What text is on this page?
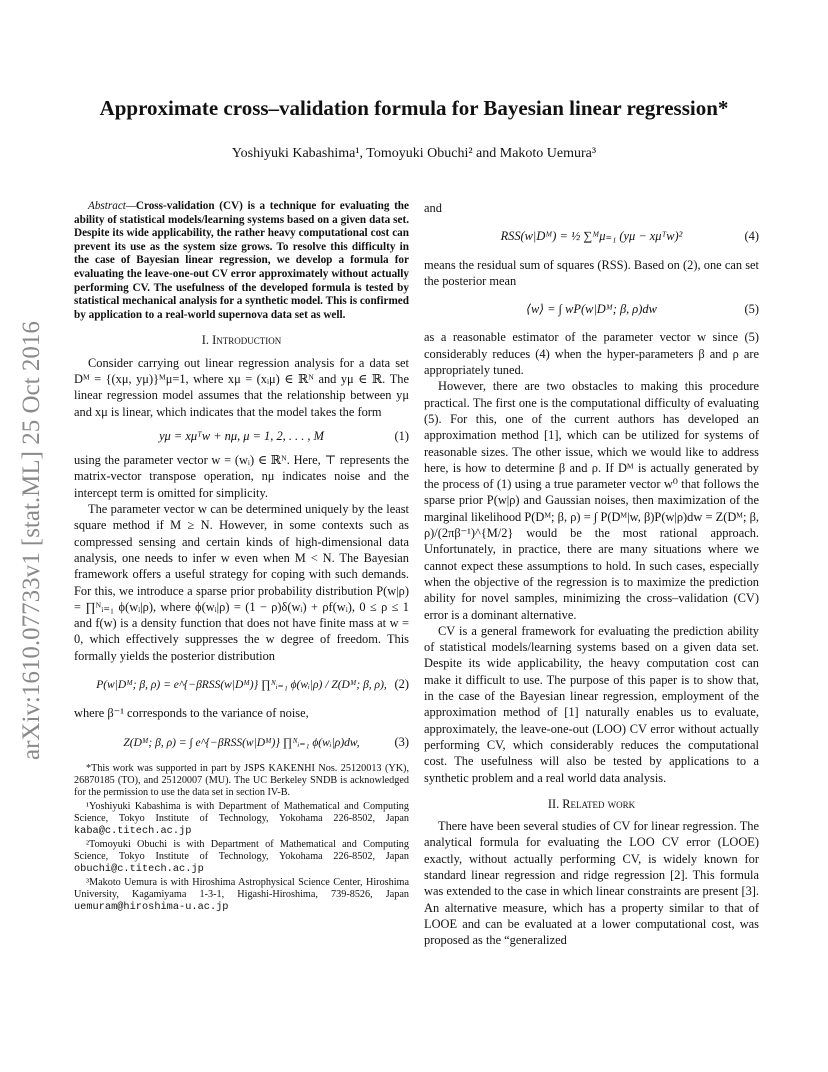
arXiv:1610.07733v1 [stat.ML] 25 Oct 2016
Approximate cross–validation formula for Bayesian linear regression*
Yoshiyuki Kabashima¹, Tomoyuki Obuchi² and Makoto Uemura³

Abstract—Cross-validation (CV) is a technique for evaluating the ability of statistical models/learning systems based on a given data set. Despite its wide applicability, the rather heavy computational cost can prevent its use as the system size grows. To resolve this difficulty in the case of Bayesian linear regression, we develop a formula for evaluating the leave-one-out CV error approximately without actually performing CV. The usefulness of the developed formula is tested by statistical mechanical analysis for a synthetic model. This is confirmed by application to a real-world supernova data set as well.

I. Introduction

Consider carrying out linear regression analysis for a data set Dᴹ = {(xμ, yμ)}ᴹμ=1, where xμ = (xᵢμ) ∈ ℝᴺ and yμ ∈ ℝ. The linear regression model assumes that the relationship between yμ and xμ is linear, which indicates that the model takes the form

yμ = xμᵀw + nμ, μ = 1, 2, . . . , M	(1)

using the parameter vector w = (wᵢ) ∈ ℝᴺ. Here, ⊤ represents the matrix-vector transpose operation, nμ indicates noise and the intercept term is omitted for simplicity.

The parameter vector w can be determined uniquely by the least square method if M ≥ N. However, in some contexts such as compressed sensing and certain kinds of high-dimensional data analysis, one needs to infer w even when M < N. The Bayesian framework offers a useful strategy for coping with such demands. For this, we introduce a sparse prior probability distribution P(w|ρ) = ∏ᴺᵢ₌₁ ϕ(wᵢ|ρ), where ϕ(wᵢ|ρ) = (1 − ρ)δ(wᵢ) + ρf(wᵢ), 0 ≤ ρ ≤ 1 and f(w) is a density function that does not have finite mass at w = 0, which effectively suppresses the w degree of freedom. This formally yields the posterior distribution

P(w|Dᴹ; β, ρ) = e^{−βRSS(w|Dᴹ)} ∏ᴺᵢ₌₁ ϕ(wᵢ|ρ) / Z(Dᴹ; β, ρ), (2)

where β⁻¹ corresponds to the variance of noise,

Z(Dᴹ; β, ρ) = ∫ e^{−βRSS(w|Dᴹ)} ∏ᴺᵢ₌₁ ϕ(wᵢ|ρ)dw,	(3)

*This work was supported in part by JSPS KAKENHI Nos. 25120013 (YK), 26870185 (TO), and 25120007 (MU). The UC Berkeley SNDB is acknowledged for the permission to use the data set in section IV-B.

¹Yoshiyuki Kabashima is with Department of Mathematical and Computing Science, Tokyo Institute of Technology, Yokohama 226-8502, Japan kaba@c.titech.ac.jp

²Tomoyuki Obuchi is with Department of Mathematical and Computing Science, Tokyo Institute of Technology, Yokohama 226-8502, Japan obuchi@c.titech.ac.jp

³Makoto Uemura is with Hiroshima Astrophysical Science Center, Hiroshima University, Kagamiyama 1-3-1, Higashi-Hiroshima, 739-8526, Japan uemuram@hiroshima-u.ac.jp

and

RSS(w|Dᴹ) = ½ ∑ᴹμ₌₁ (yμ − xμᵀw)²	(4)

means the residual sum of squares (RSS). Based on (2), one can set the posterior mean

⟨w⟩ = ∫ wP(w|Dᴹ; β, ρ)dw	(5)

as a reasonable estimator of the parameter vector w since (5) considerably reduces (4) when the hyper-parameters β and ρ are appropriately tuned.

However, there are two obstacles to making this procedure practical. The first one is the computational difficulty of evaluating (5). For this, one of the current authors has developed an approximation method [1], which can be utilized for systems of reasonable sizes. The other issue, which we would like to address here, is how to determine β and ρ. If Dᴹ is actually generated by the process of (1) using a true parameter vector w⁰ that follows the sparse prior P(w|ρ) and Gaussian noises, then maximization of the marginal likelihood P(Dᴹ; β, ρ) = ∫ P(Dᴹ|w, β)P(w|ρ)dw = Z(Dᴹ; β, ρ)/(2πβ⁻¹)^{M/2} would be the most rational approach. Unfortunately, in practice, there are many situations where we cannot expect these assumptions to hold. In such cases, especially when the objective of the regression is to maximize the prediction ability for novel samples, minimizing the cross–validation (CV) error is a dominant alternative.

CV is a general framework for evaluating the prediction ability of statistical models/learning systems based on a given data set. Despite its wide applicability, the heavy computation cost can make it difficult to use. The purpose of this paper is to show that, in the case of the Bayesian linear regression, employment of the approximation method of [1] naturally enables us to evaluate, approximately, the leave-one-out (LOO) CV error without actually performing CV, which considerably reduces the computational cost. The usefulness will also be tested by applications to a synthetic problem and a real world data analysis.

II. Related work

There have been several studies of CV for linear regression. The analytical formula for evaluating the LOO CV error (LOOE) exactly, without actually performing CV, is widely known for standard linear regression and ridge regression [2]. This formula was extended to the case in which linear constraints are present [3]. An alternative measure, which has a property similar to that of LOOE and can be evaluated at a lower computational cost, was proposed as the “generalized
